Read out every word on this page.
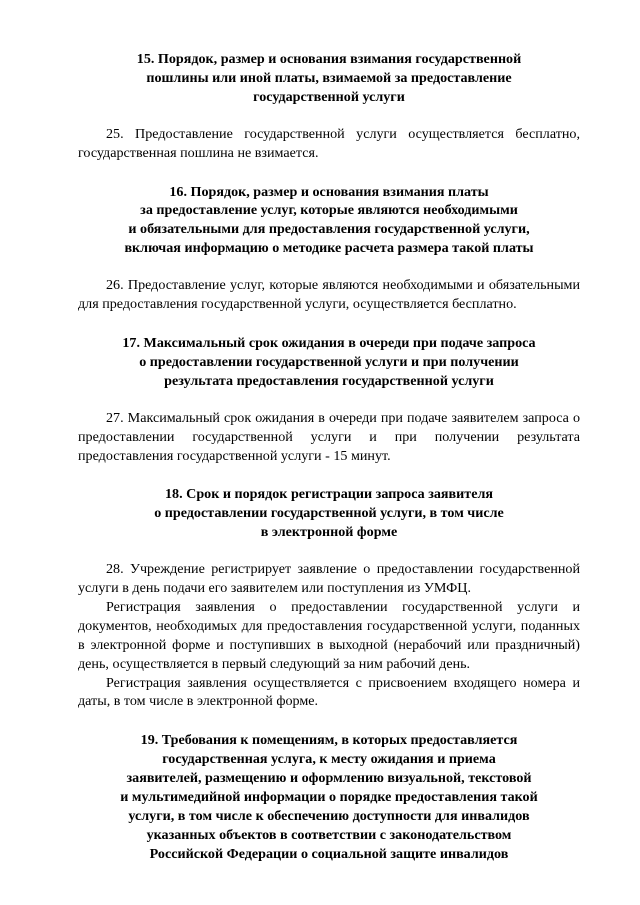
15. Порядок, размер и основания взимания государственной
пошлины или иной платы, взимаемой за предоставление
государственной услуги

25. Предоставление государственной услуги осуществляется бесплатно, государственная пошлина не взимается.

16. Порядок, размер и основания взимания платы
за предоставление услуг, которые являются необходимыми
и обязательными для предоставления государственной услуги,
включая информацию о методике расчета размера такой платы

26. Предоставление услуг, которые являются необходимыми и обязательными для предоставления государственной услуги, осуществляется бесплатно.

17. Максимальный срок ожидания в очереди при подаче запроса
о предоставлении государственной услуги и при получении
результата предоставления государственной услуги

27. Максимальный срок ожидания в очереди при подаче заявителем запроса о предоставлении государственной услуги и при получении результата предоставления государственной услуги - 15 минут.

18. Срок и порядок регистрации запроса заявителя
о предоставлении государственной услуги, в том числе
в электронной форме

28. Учреждение регистрирует заявление о предоставлении государственной услуги в день подачи его заявителем или поступления из УМФЦ.

Регистрация заявления о предоставлении государственной услуги и документов, необходимых для предоставления государственной услуги, поданных в электронной форме и поступивших в выходной (нерабочий или праздничный) день, осуществляется в первый следующий за ним рабочий день.

Регистрация заявления осуществляется с присвоением входящего номера и даты, в том числе в электронной форме.

19. Требования к помещениям, в которых предоставляется
государственная услуга, к месту ожидания и приема
заявителей, размещению и оформлению визуальной, текстовой
и мультимедийной информации о порядке предоставления такой
услуги, в том числе к обеспечению доступности для инвалидов
указанных объектов в соответствии с законодательством
Российской Федерации о социальной защите инвалидов
